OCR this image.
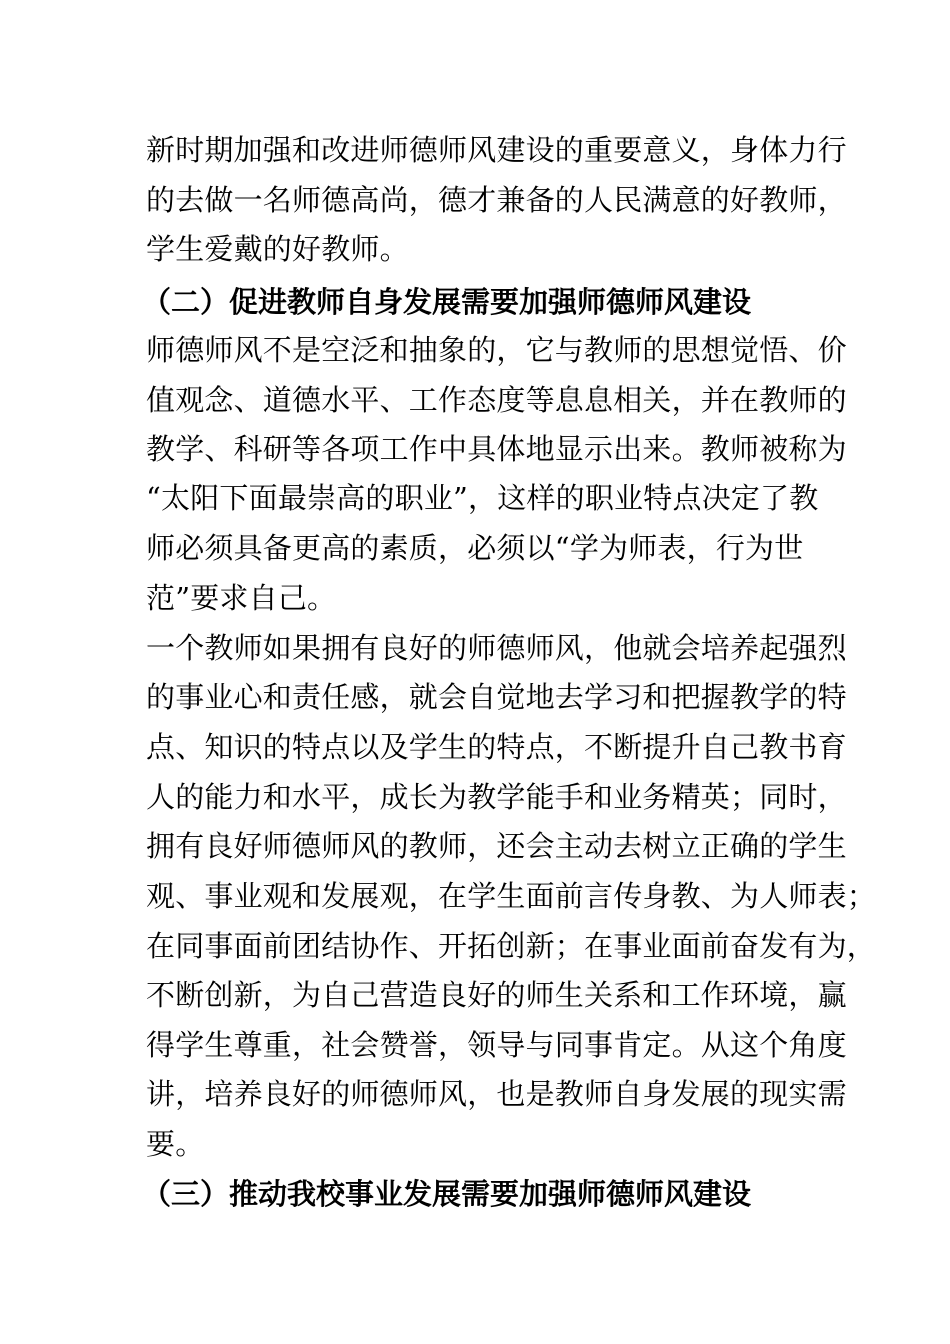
新时期加强和改进师德师风建设的重要意义，身体力行
的去做一名师德高尚，德才兼备的人民满意的好教师，
学生爱戴的好教师。
（二）促进教师自身发展需要加强师德师风建设
师德师风不是空泛和抽象的，它与教师的思想觉悟、价
值观念、道德水平、工作态度等息息相关，并在教师的
教学、科研等各项工作中具体地显示出来。教师被称为
“太阳下面最崇高的职业”，这样的职业特点决定了教
师必须具备更高的素质，必须以“学为师表，行为世
范”要求自己。
一个教师如果拥有良好的师德师风，他就会培养起强烈
的事业心和责任感，就会自觉地去学习和把握教学的特
点、知识的特点以及学生的特点，不断提升自己教书育
人的能力和水平，成长为教学能手和业务精英；同时，
拥有良好师德师风的教师，还会主动去树立正确的学生
观、事业观和发展观，在学生面前言传身教、为人师表；
在同事面前团结协作、开拓创新；在事业面前奋发有为，
不断创新，为自己营造良好的师生关系和工作环境，赢
得学生尊重，社会赞誉，领导与同事肯定。从这个角度
讲，培养良好的师德师风，也是教师自身发展的现实需
要。
（三）推动我校事业发展需要加强师德师风建设
